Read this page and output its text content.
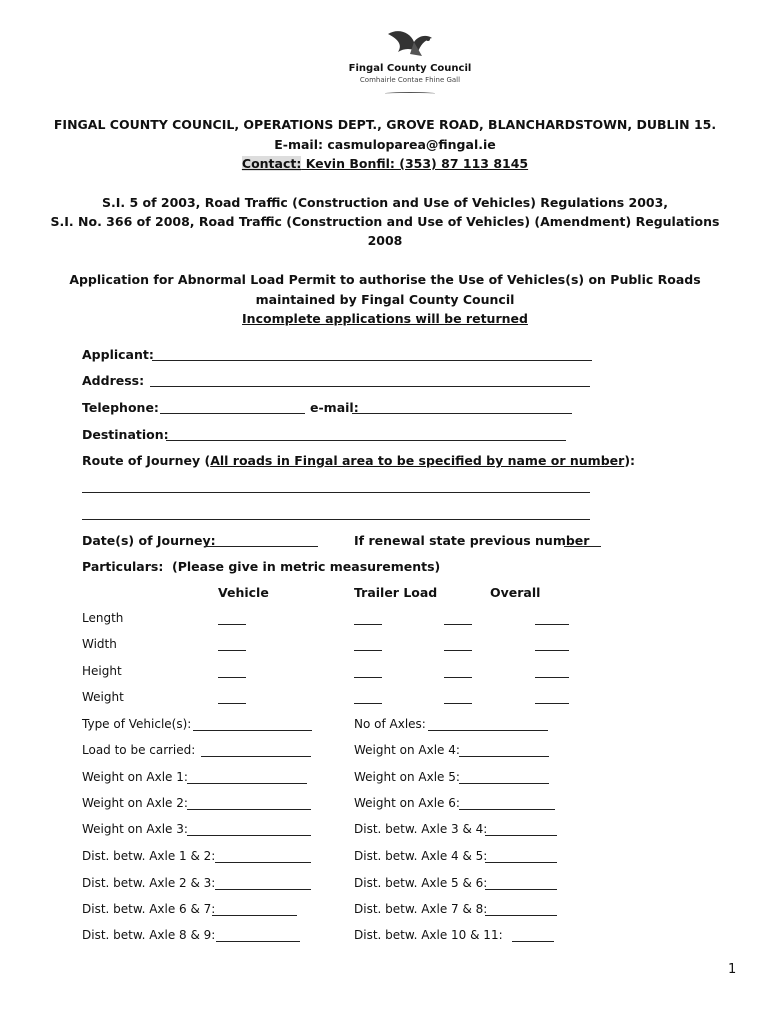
Fingal County Council
Comhairle Contae Fhine Gall
FINGAL COUNTY COUNCIL, OPERATIONS DEPT., GROVE ROAD, BLANCHARDSTOWN, DUBLIN 15.
E-mail: casmuloparea@fingal.ie
Contact: Kevin Bonfil: (353) 87 113 8145
S.I. 5 of 2003, Road Traffic (Construction and Use of Vehicles) Regulations 2003,
S.I. No. 366 of 2008, Road Traffic (Construction and Use of Vehicles) (Amendment) Regulations
2008
Application for Abnormal Load Permit to authorise the Use of Vehicles(s) on Public Roads
maintained by Fingal County Council
Incomplete applications will be returned
Applicant:
Address:
Telephone:	e-mail:
Destination:
Route of Journey (All roads in Fingal area to be specified by name or number):
Date(s) of Journey:	If renewal state previous number
Particulars: (Please give in metric measurements)
Vehicle	Trailer Load	Overall
Length
Width
Height
Weight
Type of Vehicle(s):	No of Axles:
Load to be carried:	Weight on Axle 4:
Weight on Axle 1:	Weight on Axle 5:
Weight on Axle 2:	Weight on Axle 6:
Weight on Axle 3:	Dist. betw. Axle 3 & 4:
Dist. betw. Axle 1 & 2:	Dist. betw. Axle 4 & 5:
Dist. betw. Axle 2 & 3:	Dist. betw. Axle 5 & 6:
Dist. betw. Axle 6 & 7:	Dist. betw. Axle 7 & 8:
Dist. betw. Axle 8 & 9:	Dist. betw. Axle 10 & 11:
1
